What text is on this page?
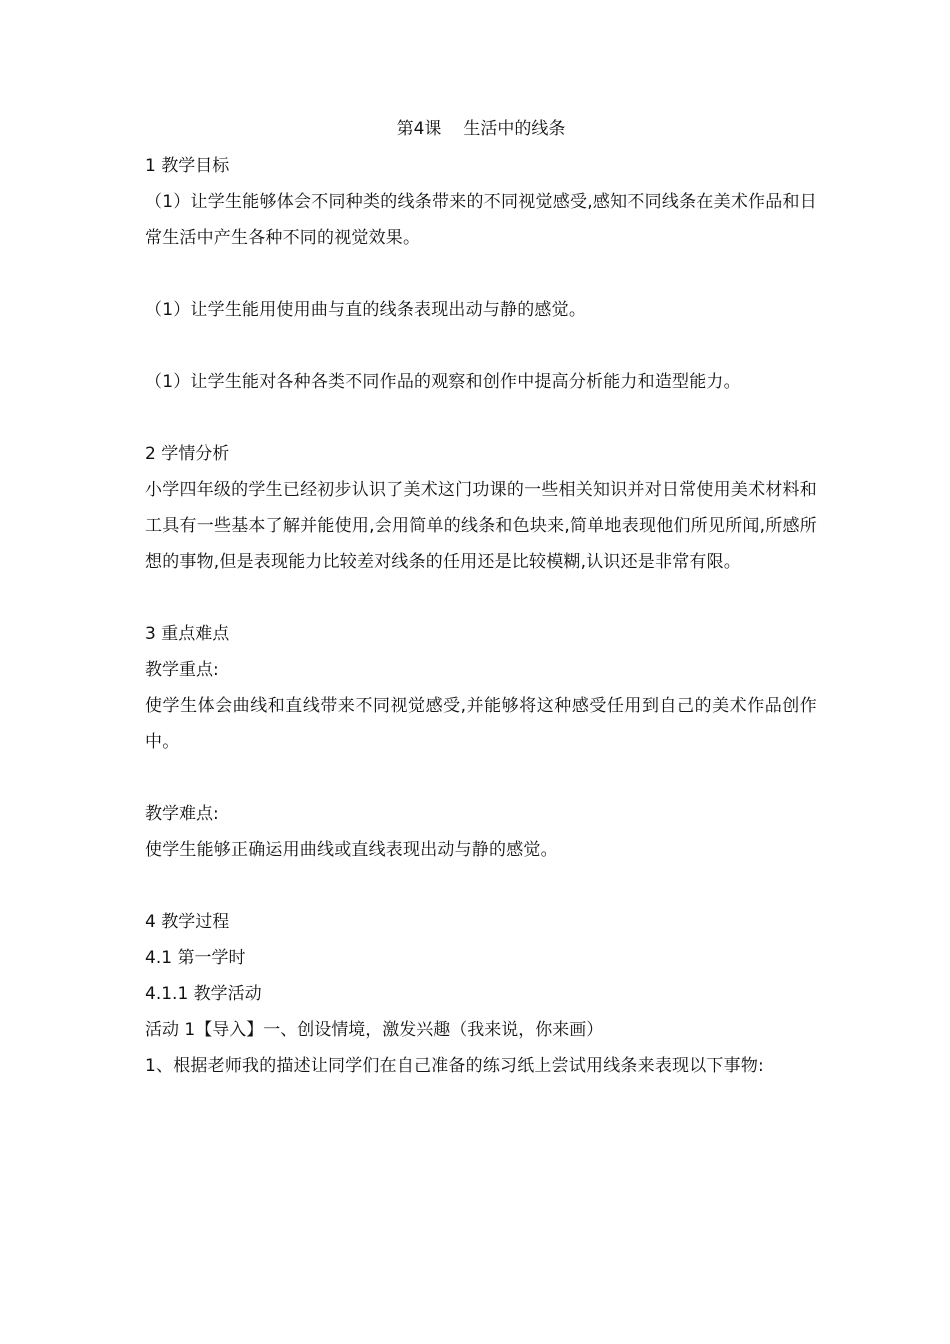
第4课 生活中的线条

1 教学目标

（1）让学生能够体会不同种类的线条带来的不同视觉感受,感知不同线条在美术作品和日常生活中产生各种不同的视觉效果。

（1）让学生能用使用曲与直的线条表现出动与静的感觉。

（1）让学生能对各种各类不同作品的观察和创作中提高分析能力和造型能力。

2 学情分析

小学四年级的学生已经初步认识了美术这门功课的一些相关知识并对日常使用美术材料和工具有一些基本了解并能使用,会用简单的线条和色块来,简单地表现他们所见所闻,所感所想的事物,但是表现能力比较差对线条的任用还是比较模糊,认识还是非常有限。

3 重点难点

教学重点:

使学生体会曲线和直线带来不同视觉感受,并能够将这种感受任用到自己的美术作品创作中。

教学难点:

使学生能够正确运用曲线或直线表现出动与静的感觉。

4 教学过程

4.1 第一学时

4.1.1 教学活动

活动 1【导入】一、创设情境，激发兴趣（我来说，你来画）

1、根据老师我的描述让同学们在自己准备的练习纸上尝试用线条来表现以下事物:
